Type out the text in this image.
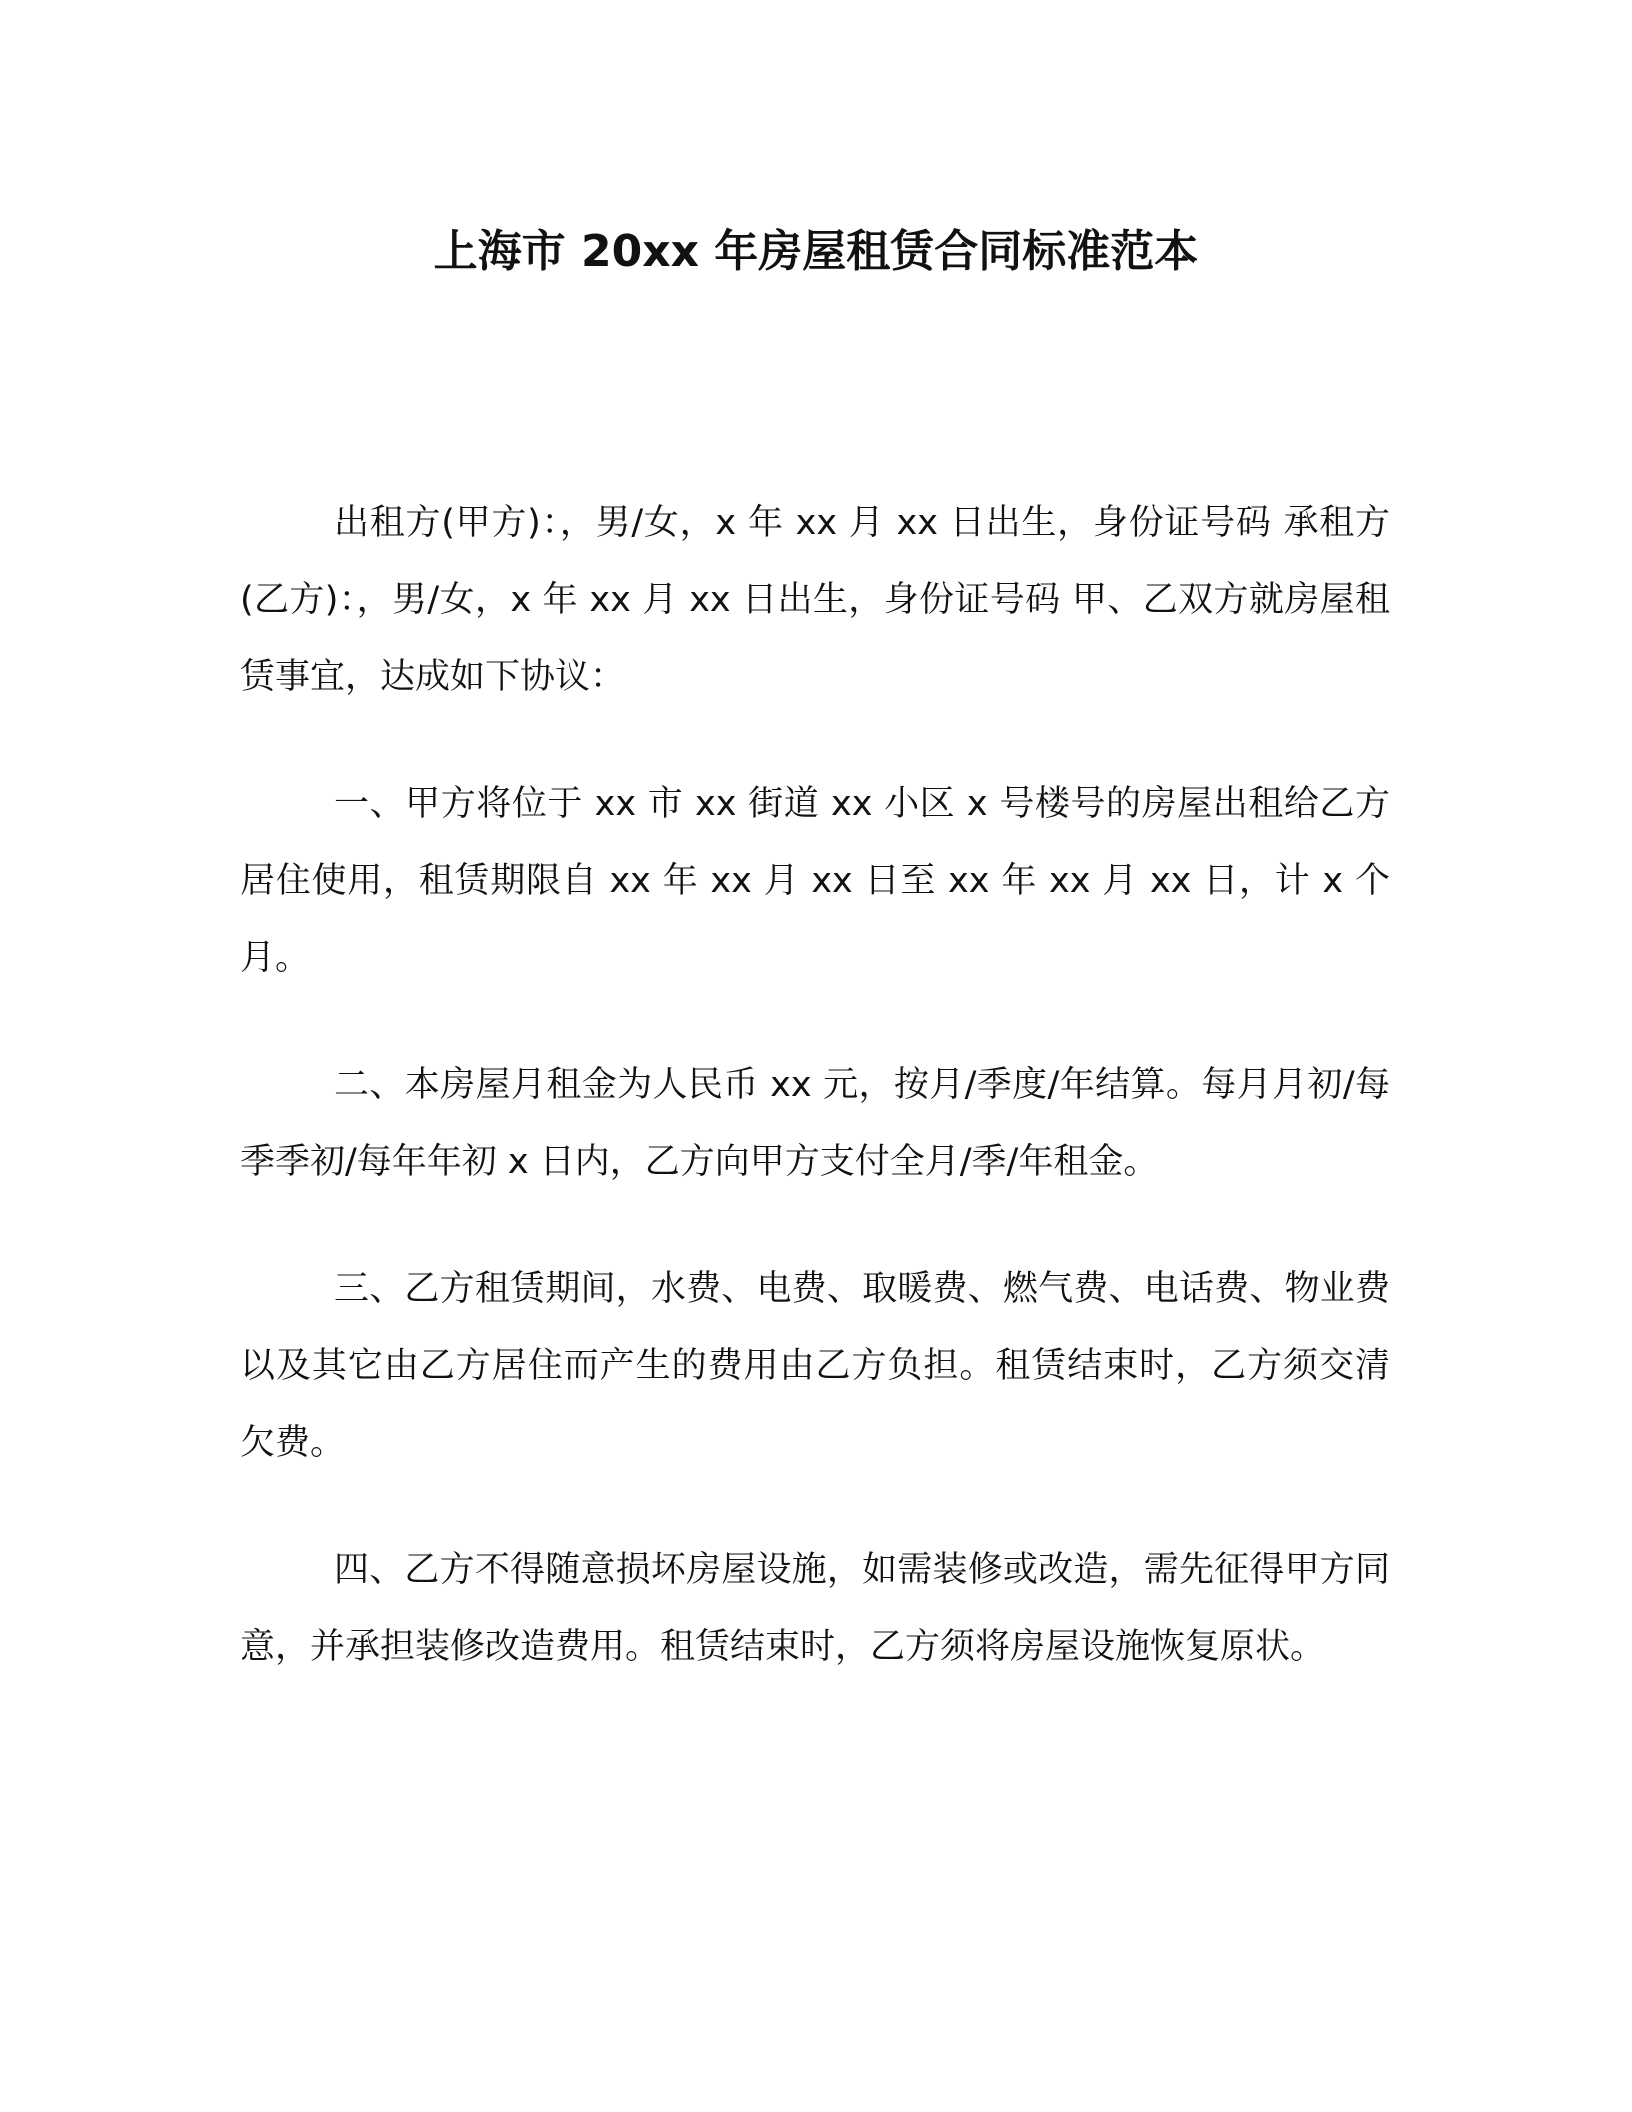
上海市 20xx 年房屋租赁合同标准范本

出租方(甲方)：，男/女，x 年 xx 月 xx 日出生，身份证号码 承租方(乙方)：，男/女，x 年 xx 月 xx 日出生，身份证号码 甲、乙双方就房屋租赁事宜，达成如下协议：

一、甲方将位于 xx 市 xx 街道 xx 小区 x 号楼号的房屋出租给乙方居住使用，租赁期限自 xx 年 xx 月 xx 日至 xx 年 xx 月 xx 日，计 x 个月。

二、本房屋月租金为人民币 xx 元，按月/季度/年结算。每月月初/每季季初/每年年初 x 日内，乙方向甲方支付全月/季/年租金。

三、乙方租赁期间，水费、电费、取暖费、燃气费、电话费、物业费以及其它由乙方居住而产生的费用由乙方负担。租赁结束时，乙方须交清欠费。

四、乙方不得随意损坏房屋设施，如需装修或改造，需先征得甲方同意，并承担装修改造费用。租赁结束时，乙方须将房屋设施恢复原状。
